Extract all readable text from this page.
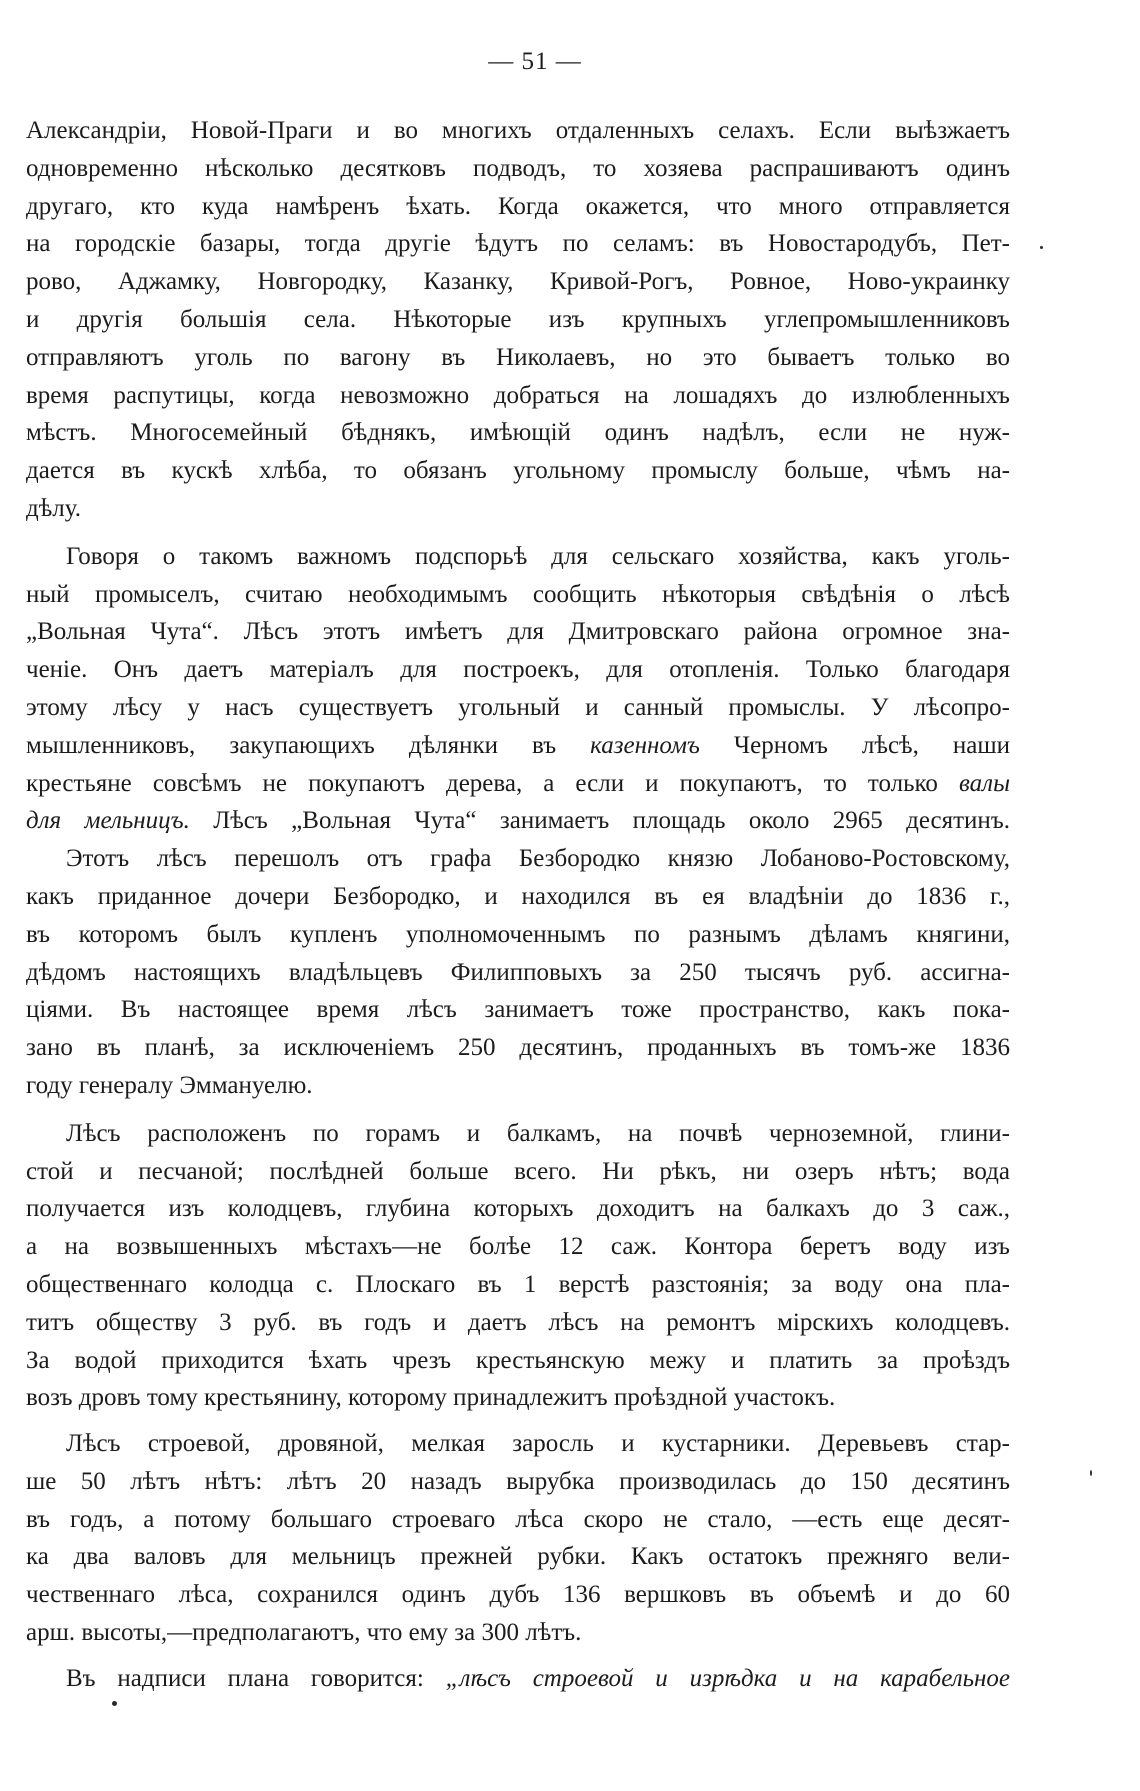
— 51 —
Александріи, Новой-Праги и во многихъ отдаленныхъ селахъ. Если выѣзжаетъ
одновременно нѣсколько десятковъ подводъ, то хозяева распрашиваютъ одинъ
другаго, кто куда намѣренъ ѣхать. Когда окажется, что много отправляется
на городскіе базары, тогда другіе ѣдутъ по селамъ: въ Новостародубъ, Пет-
рово, Аджамку, Новгородку, Казанку, Кривой-Рогъ, Ровное, Ново-украинку
и другія большія села. Нѣкоторые изъ крупныхъ углепромышленниковъ
отправляютъ уголь по вагону въ Николаевъ, но это бываетъ только во
время распутицы, когда невозможно добраться на лошадяхъ до излюбленныхъ
мѣстъ. Многосемейный бѣднякъ, имѣющій одинъ надѣлъ, если не нуж-
дается въ кускѣ хлѣба, то обязанъ угольному промыслу больше, чѣмъ на-
дѣлу.
Говоря о такомъ важномъ подспорьѣ для сельскаго хозяйства, какъ уголь-
ный промыселъ, считаю необходимымъ сообщить нѣкоторыя свѣдѣнія о лѣсѣ
„Вольная Чута“. Лѣсъ этотъ имѣетъ для Дмитровскаго района огромное зна-
ченіе. Онъ даетъ матеріалъ для построекъ, для отопленія. Только благодаря
этому лѣсу у насъ существуетъ угольный и санный промыслы. У лѣсопро-
мышленниковъ, закупающихъ дѣлянки въ казенномъ Черномъ лѣсѣ, наши
крестьяне совсѣмъ не покупаютъ дерева, а если и покупаютъ, то только валы
для мельницъ. Лѣсъ „Вольная Чута“ занимаетъ площадь около 2965 десятинъ.
Этотъ лѣсъ перешолъ отъ графа Безбородко князю Лобаново-Ростовскому,
какъ приданное дочери Безбородко, и находился въ ея владѣніи до 1836 г.,
въ которомъ былъ купленъ уполномоченнымъ по разнымъ дѣламъ княгини,
дѣдомъ настоящихъ владѣльцевъ Филипповыхъ за 250 тысячъ руб. ассигна-
ціями. Въ настоящее время лѣсъ занимаетъ тоже пространство, какъ пока-
зано въ планѣ, за исключеніемъ 250 десятинъ, проданныхъ въ томъ-же 1836
году генералу Эммануелю.
Лѣсъ расположенъ по горамъ и балкамъ, на почвѣ черноземной, глини-
стой и песчаной; послѣдней больше всего. Ни рѣкъ, ни озеръ нѣтъ; вода
получается изъ колодцевъ, глубина которыхъ доходитъ на балкахъ до 3 саж.,
а на возвышенныхъ мѣстахъ—не болѣе 12 саж. Контора беретъ воду изъ
общественнаго колодца с. Плоскаго въ 1 верстѣ разстоянія; за воду она пла-
титъ обществу 3 руб. въ годъ и даетъ лѣсъ на ремонтъ мірскихъ колодцевъ.
За водой приходится ѣхать чрезъ крестьянскую межу и платить за проѣздъ
возъ дровъ тому крестьянину, которому принадлежитъ проѣздной участокъ.
Лѣсъ строевой, дровяной, мелкая заросль и кустарники. Деревьевъ стар-
ше 50 лѣтъ нѣтъ: лѣтъ 20 назадъ вырубка производилась до 150 десятинъ
въ годъ, а потому большаго строеваго лѣса скоро не стало, —есть еще десят-
ка два валовъ для мельницъ прежней рубки. Какъ остатокъ прежняго вели-
чественнаго лѣса, сохранился одинъ дубъ 136 вершковъ въ объемѣ и до 60
арш. высоты,—предполагаютъ, что ему за 300 лѣтъ.
Въ надписи плана говорится: „лѣсъ строевой и изрѣдка и на карабельное
